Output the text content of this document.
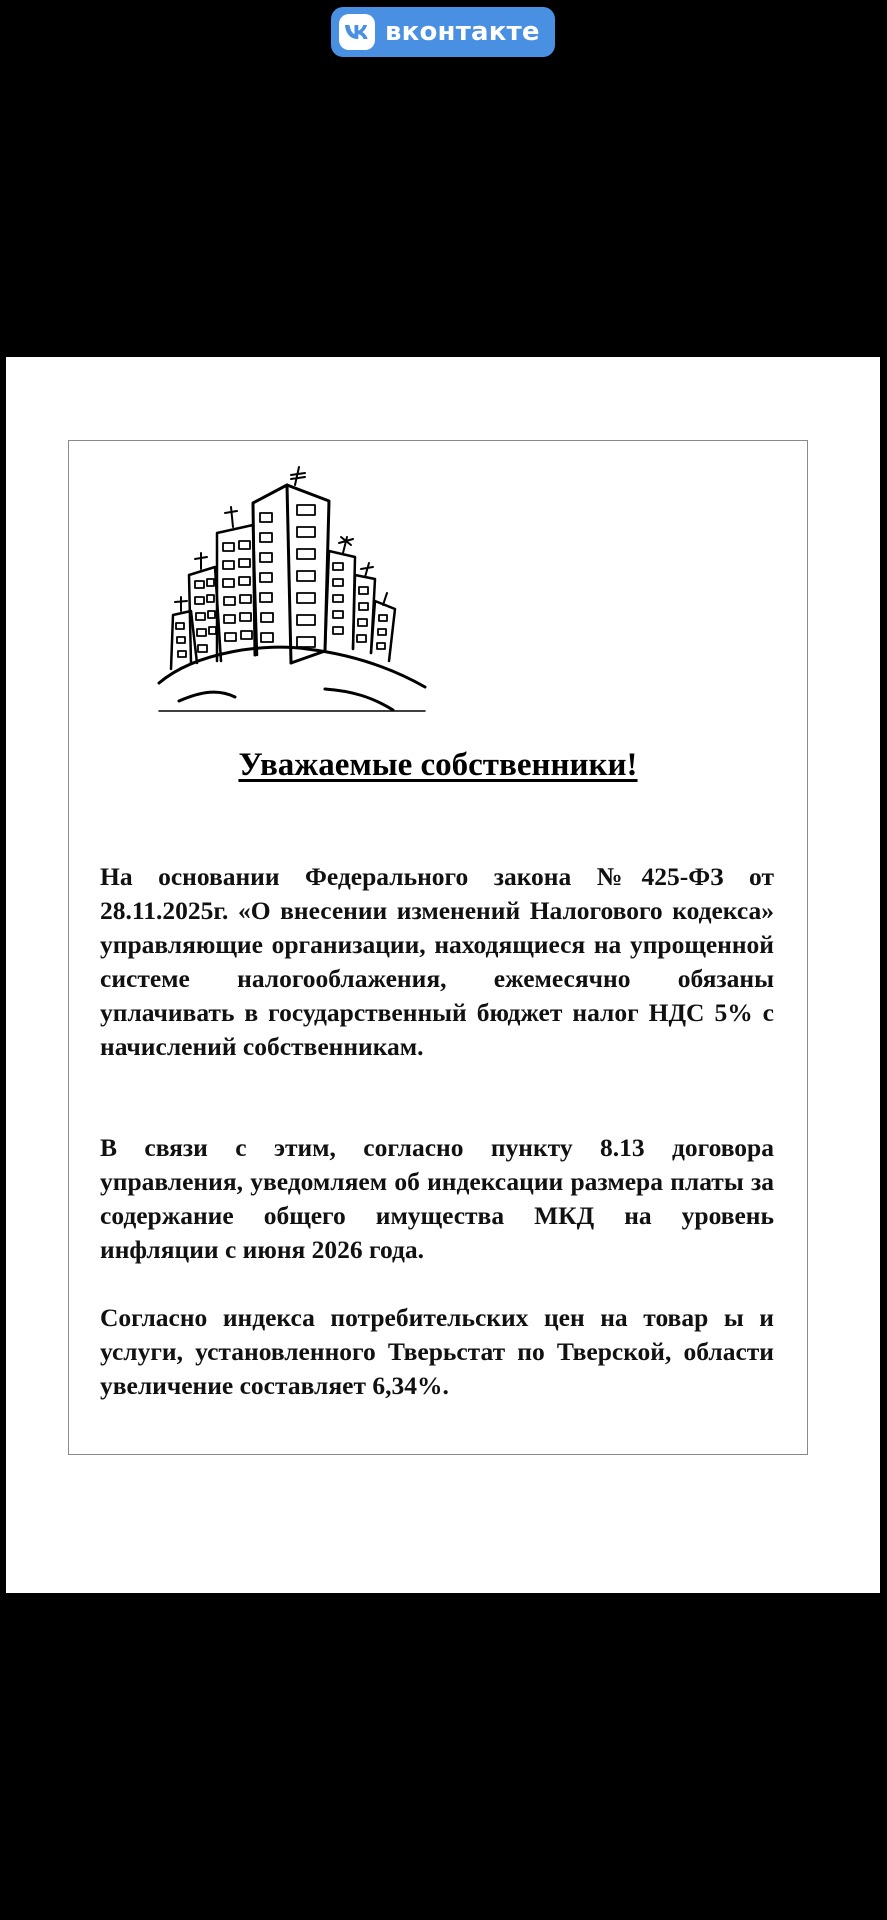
вконтакте
Уважаемые собственники!

На основании Федерального закона №425-ФЗ от 28.11.2025г. «О внесении изменений Налогового кодекса» управляющие организации, находящиеся на упрощенной системе налогооблажения, ежемесячно обязаны уплачивать в государственный бюджет налог НДС 5% с начислений собственникам.

В связи с этим, согласно пункту 8.13 договора управления, уведомляем об индексации размера платы за содержание общего имущества МКД на уровень инфляции с июня 2026 года.

Согласно индекса потребительских цен на товар ы и услуги, установленного Тверьстат по Тверской, области увеличение составляет 6,34%.
